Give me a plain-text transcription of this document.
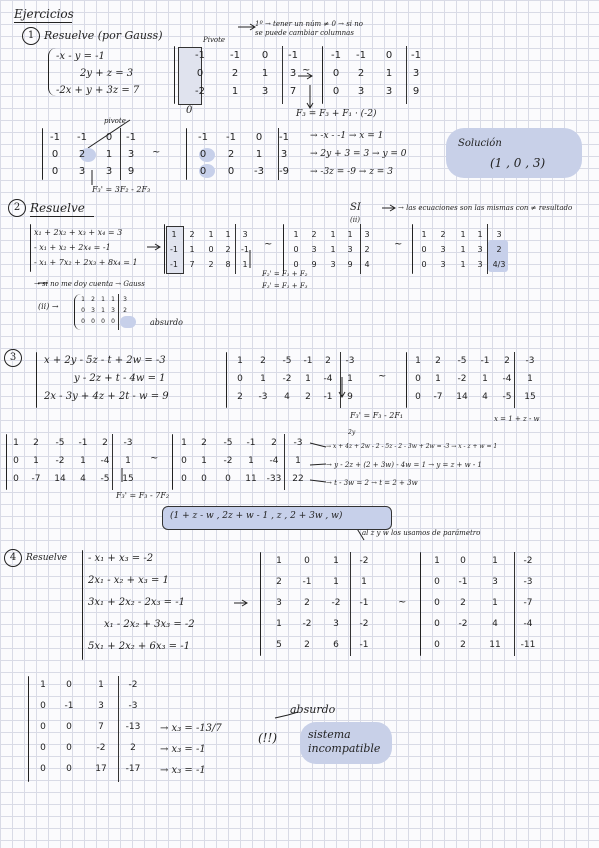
Ejercicios
1 Resuelve (por Gauss)
1º → tener un núm ≠ 0 → si no se puede cambiar columnas
Pivote
-x - y = -1
2y + z = 3
-2x + y + 3z = 7
0
-1	-1 0 -1
0	2 1 3
-2	1 3 7
~
-1 -1 0 -1
0 2 1 3
0 3 3 9
F₃ = F₃ + F₁ · (-2)
pivote
-1 -1 0 -1
0 2 1 3
0 3 3 9
~
-1 -1 0 -1
0 2 1 3
0 0 -3 -9
F₃' = 3F₂ - 2F₃
→ -x - -1 → x = 1
→ 2y + 3 = 3 → y = 0
→ -3z = -9 → z = 3
Solución
(1 , 0 , 3)
2 Resuelve	SI
(ii)
→ las ecuaciones son las mismas con ≠ resultado
x₁ + 2x₂ + x₃ + x₄ = 3
- x₁ + x₂ + 2x₄ = -1
- x₁ + 7x₂ + 2x₃ + 8x₄ = 1
1 2 1 1 3
-1 1 0 2 -1
-1 7 2 8 1
~
F₂' = F₁ + F₂
F₃' = F₁ + F₃
1 2 1 1 3
0 3 1 3 2
0 9 3 9 4
~
1 2 1 1 3
0 3 1 3 2
0 3 1 3 4/3
→ si no me doy cuenta → Gauss
(ii) →
1 2 1 1 3
0 3 1 3 2
0 0 0 0	absurdo
3	x + 2y - 5z - t + 2w = -3
y - 2z + t - 4w = 1
2x - 3y + 4z + 2t - w = 9
1 2 -5 -1 2 -3
0 1 -2 1 -4 1
2 -3 4 2 -1 9
~
F₃' = F₃ - 2F₁
1 2 -5 -1 2 -3
0 1 -2 1 -4 1
0 -7 14 4 -5 15
1 2 -5 -1 2 -3
0 1 -2 1 -4 1
0 -7 14 4 -5 15
~
F₃' = F₃ - 7F₂
1 2 -5 -1 2 -3
0 1 -2 1 -4 1
0 0 0 11 -33 22
2y
x = 1 + z - w
→ x + 4z + 2w - 2 - 5z - 2 - 3w + 2w = -3 → x - z + w = 1
→ y - 2z + (2 + 3w) - 4w = 1 → y = z + w - 1
→ t - 3w = 2 → t = 2 + 3w
(1 + z - w , 2z + w - 1 , z , 2 + 3w , w)
al z y w los usamos de parámetro
4	Resuelve - x₁ + x₃ = -2
2x₁ - x₂ + x₃ = 1
3x₁ + 2x₂ - 2x₃ = -1
x₁ - 2x₂ + 3x₃ = -2
5x₁ + 2x₂ + 6x₃ = -1
1 0	1 -2
2 -1 1 1
3 2 -2 -1
1 -2 3 -2
5 2	6 -1
~
1 0	1	-2
0 -1	3	-3
0 2	1	-7
0 -2	4	-4
0 2	11 -11
1 0	1	-2
0 -1	3	-3
0 0	7 -13
0 0	-2	2
0 0	17 -17
→ x₃ = -13/7
→ x₃ = -1
→ x₃ = -1
absurdo
(!!)	sistema incompatible
